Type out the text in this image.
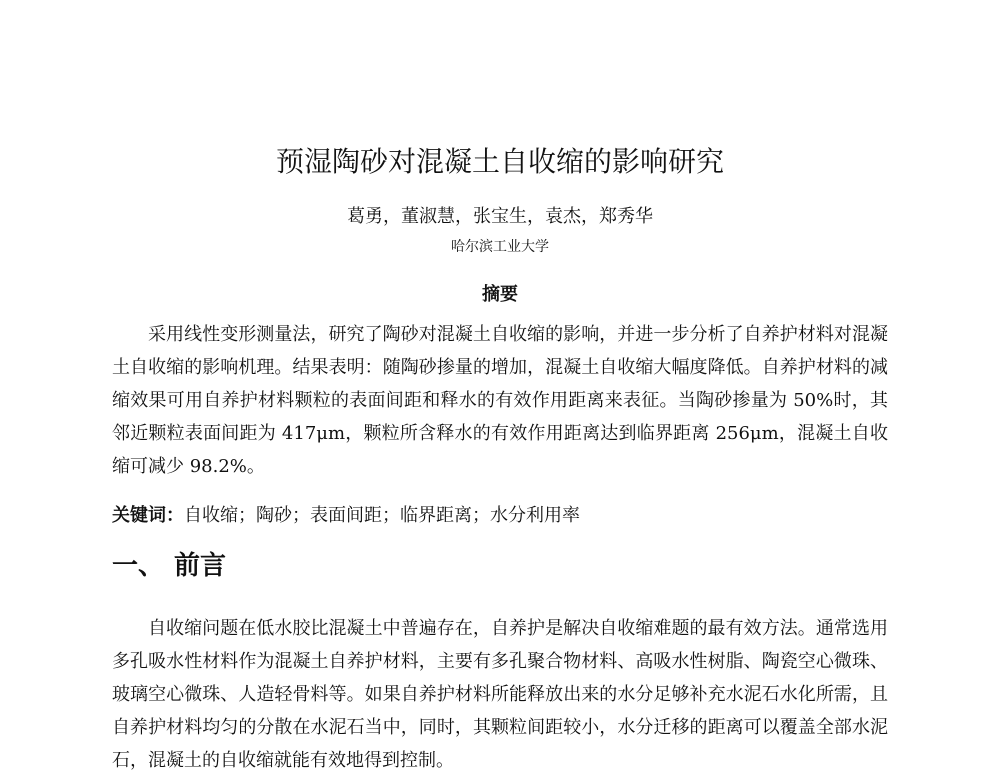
预湿陶砂对混凝土自收缩的影响研究
葛勇，董淑慧，张宝生，袁杰，郑秀华
哈尔滨工业大学
摘要

采用线性变形测量法，研究了陶砂对混凝土自收缩的影响，并进一步分析了自养护材料对混凝土自收缩的影响机理。结果表明：随陶砂掺量的增加，混凝土自收缩大幅度降低。自养护材料的减缩效果可用自养护材料颗粒的表面间距和释水的有效作用距离来表征。当陶砂掺量为 50%时，其邻近颗粒表面间距为 417μm，颗粒所含释水的有效作用距离达到临界距离 256μm，混凝土自收缩可减少 98.2%。

关键词：自收缩；陶砂；表面间距；临界距离；水分利用率
一、 前言

自收缩问题在低水胶比混凝土中普遍存在，自养护是解决自收缩难题的最有效方法。通常选用多孔吸水性材料作为混凝土自养护材料，主要有多孔聚合物材料、高吸水性树脂、陶瓷空心微珠、玻璃空心微珠、人造轻骨料等。如果自养护材料所能释放出来的水分足够补充水泥石水化所需，且自养护材料均匀的分散在水泥石当中，同时，其颗粒间距较小，水分迁移的距离可以覆盖全部水泥石，混凝土的自收缩就能有效地得到控制。
